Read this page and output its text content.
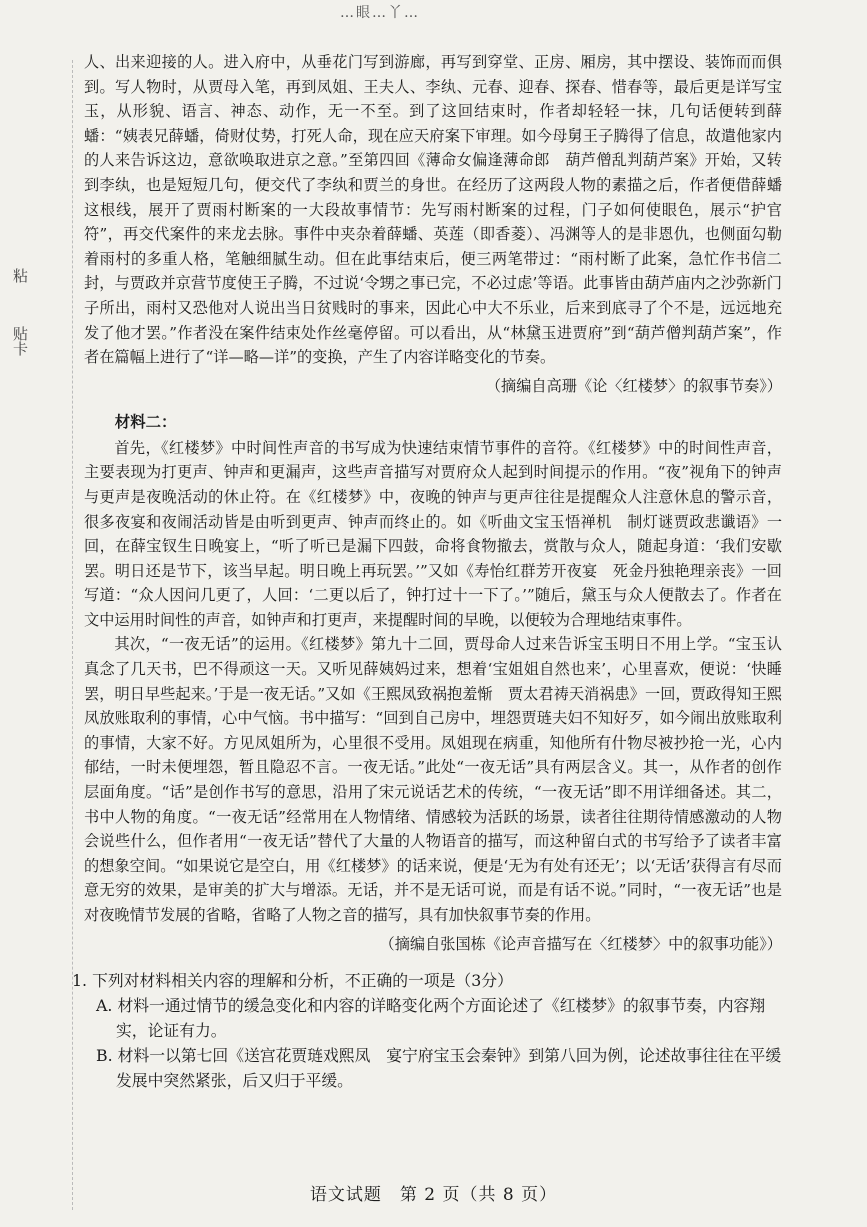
…眼…丫…
粘
贴卡

人、出来迎接的人。进入府中，从垂花门写到游廊，再写到穿堂、正房、厢房，其中摆设、装饰而而俱到。写人物时，从贾母入笔，再到凤姐、王夫人、李纨、元春、迎春、探春、惜春等，最后更是详写宝玉，从形貌、语言、神态、动作，无一不至。到了这回结束时，作者却轻轻一抹，几句话便转到薛蟠：“姨表兄薛蟠，倚财仗势，打死人命，现在应天府案下审理。如今母舅王子腾得了信息，故遣他家内的人来告诉这边，意欲唤取进京之意。”至第四回《薄命女偏逢薄命郎　葫芦僧乱判葫芦案》开始，又转到李纨，也是短短几句，便交代了李纨和贾兰的身世。在经历了这两段人物的素描之后，作者便借薛蟠这根线，展开了贾雨村断案的一大段故事情节：先写雨村断案的过程，门子如何使眼色，展示“护官符”，再交代案件的来龙去脉。事件中夹杂着薛蟠、英莲（即香菱）、冯渊等人的是非恩仇，也侧面勾勒着雨村的多重人格，笔触细腻生动。但在此事结束后，便三两笔带过：“雨村断了此案，急忙作书信二封，与贾政并京营节度使王子腾，不过说‘令甥之事已完，不必过虑’等语。此事皆由葫芦庙内之沙弥新门子所出，雨村又恐他对人说出当日贫贱时的事来，因此心中大不乐业，后来到底寻了个不是，远远地充发了他才罢。”作者没在案件结束处作丝毫停留。可以看出，从“林黛玉进贾府”到“葫芦僧判葫芦案”，作者在篇幅上进行了“详—略—详”的变换，产生了内容详略变化的节奏。

（摘编自高珊《论〈红楼梦〉的叙事节奏》）
材料二：

首先，《红楼梦》中时间性声音的书写成为快速结束情节事件的音符。《红楼梦》中的时间性声音，主要表现为打更声、钟声和更漏声，这些声音描写对贾府众人起到时间提示的作用。“夜”视角下的钟声与更声是夜晚活动的休止符。在《红楼梦》中，夜晚的钟声与更声往往是提醒众人注意休息的警示音，很多夜宴和夜闹活动皆是由听到更声、钟声而终止的。如《听曲文宝玉悟禅机　制灯谜贾政悲谶语》一回，在薛宝钗生日晚宴上，“听了听已是漏下四鼓，命将食物撤去，赏散与众人，随起身道：‘我们安歇罢。明日还是节下，该当早起。明日晚上再玩罢。’”又如《寿怡红群芳开夜宴　死金丹独艳理亲丧》一回写道：“众人因问几更了，人回：‘二更以后了，钟打过十一下了。’”随后，黛玉与众人便散去了。作者在文中运用时间性的声音，如钟声和打更声，来提醒时间的早晚，以便较为合理地结束事件。

其次，“一夜无话”的运用。《红楼梦》第九十二回，贾母命人过来告诉宝玉明日不用上学。“宝玉认真念了几天书，巴不得顽这一天。又听见薛姨妈过来，想着‘宝姐姐自然也来’，心里喜欢，便说：‘快睡罢，明日早些起来。’于是一夜无话。”又如《王熙凤致祸抱羞惭　贾太君祷天消祸患》一回，贾政得知王熙凤放账取利的事情，心中气恼。书中描写：“回到自己房中，埋怨贾琏夫妇不知好歹，如今闹出放账取利的事情，大家不好。方见凤姐所为，心里很不受用。凤姐现在病重，知他所有什物尽被抄抢一光，心内郁结，一时未便埋怨，暂且隐忍不言。一夜无话。”此处“一夜无话”具有两层含义。其一，从作者的创作层面角度。“话”是创作书写的意思，沿用了宋元说话艺术的传统，“一夜无话”即不用详细备述。其二，书中人物的角度。“一夜无话”经常用在人物情绪、情感较为活跃的场景，读者往往期待情感激动的人物会说些什么，但作者用“一夜无话”替代了大量的人物语音的描写，而这种留白式的书写给予了读者丰富的想象空间。“如果说它是空白，用《红楼梦》的话来说，便是‘无为有处有还无’；以‘无话’获得言有尽而意无穷的效果，是审美的扩大与增添。无话，并不是无话可说，而是有话不说。”同时，“一夜无话”也是对夜晚情节发展的省略，省略了人物之音的描写，具有加快叙事节奏的作用。

（摘编自张国栋《论声音描写在〈红楼梦〉中的叙事功能》）
1. 下列对材料相关内容的理解和分析，不正确的一项是（3分）
A. 材料一通过情节的缓急变化和内容的详略变化两个方面论述了《红楼梦》的叙事节奏，内容翔实，论证有力。
B. 材料一以第七回《送宫花贾琏戏熙凤　宴宁府宝玉会秦钟》到第八回为例，论述故事往往在平缓发展中突然紧张，后又归于平缓。
语文试题　第 2 页（共 8 页）
